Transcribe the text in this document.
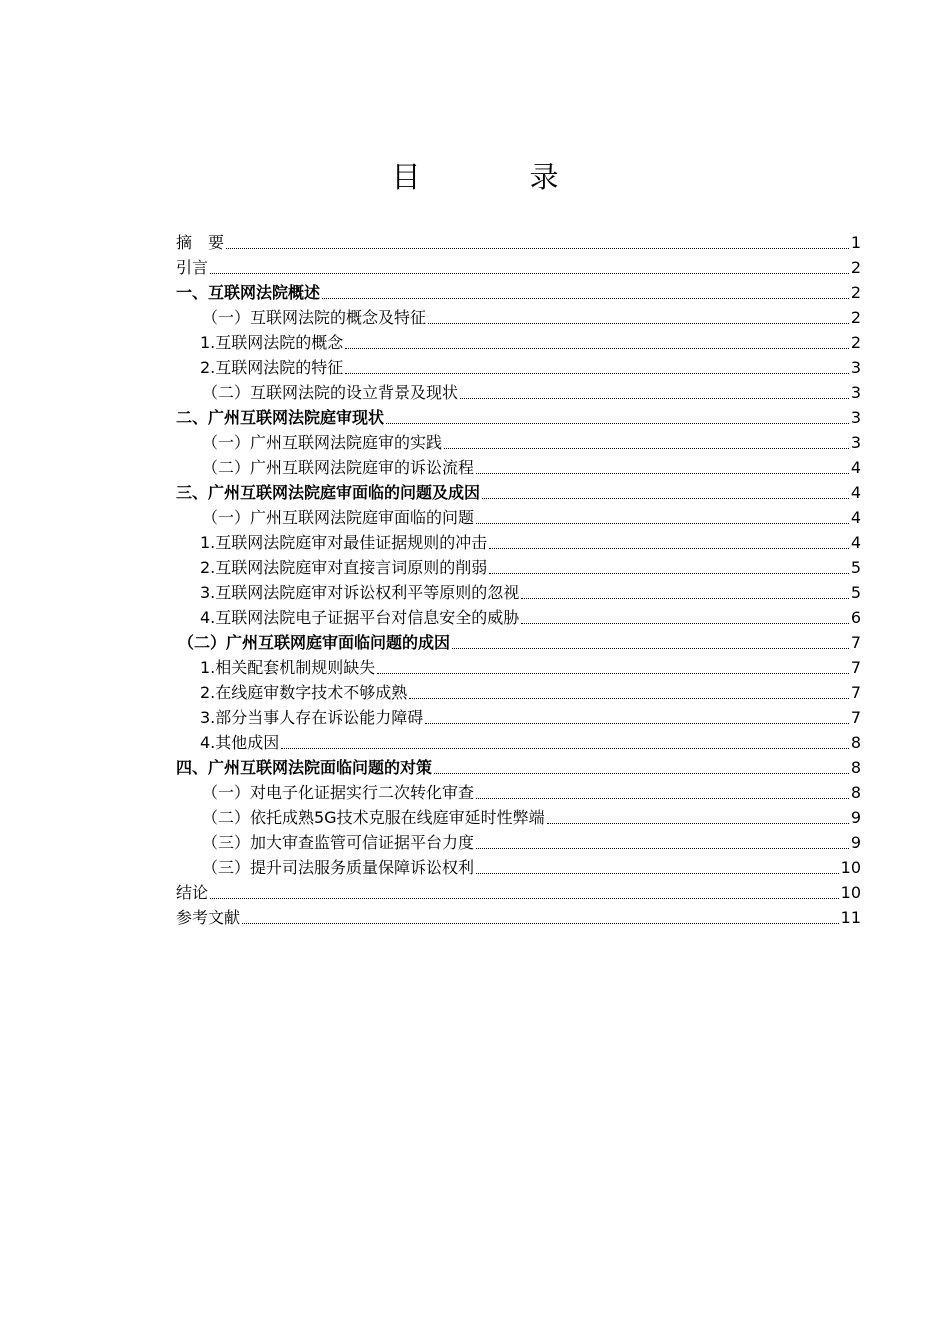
目　录
摘　要	1
引言	2
一、互联网法院概述	2
（一）互联网法院的概念及特征	2
1.互联网法院的概念	2
2.互联网法院的特征	3
（二）互联网法院的设立背景及现状	3
二、广州互联网法院庭审现状	3
（一）广州互联网法院庭审的实践	3
（二）广州互联网法院庭审的诉讼流程	4
三、广州互联网法院庭审面临的问题及成因	4
（一）广州互联网法院庭审面临的问题	4
1.互联网法院庭审对最佳证据规则的冲击	4
2.互联网法院庭审对直接言词原则的削弱	5
3.互联网法院庭审对诉讼权利平等原则的忽视	5
4.互联网法院电子证据平台对信息安全的威胁	6
（二）广州互联网庭审面临问题的成因	7
1.相关配套机制规则缺失	7
2.在线庭审数字技术不够成熟	7
3.部分当事人存在诉讼能力障碍	7
4.其他成因	8
四、广州互联网法院面临问题的对策	8
（一）对电子化证据实行二次转化审查	8
（二）依托成熟5G技术克服在线庭审延时性弊端	9
（三）加大审查监管可信证据平台力度	9
（三）提升司法服务质量保障诉讼权利	10
结论	10
参考文献	11
